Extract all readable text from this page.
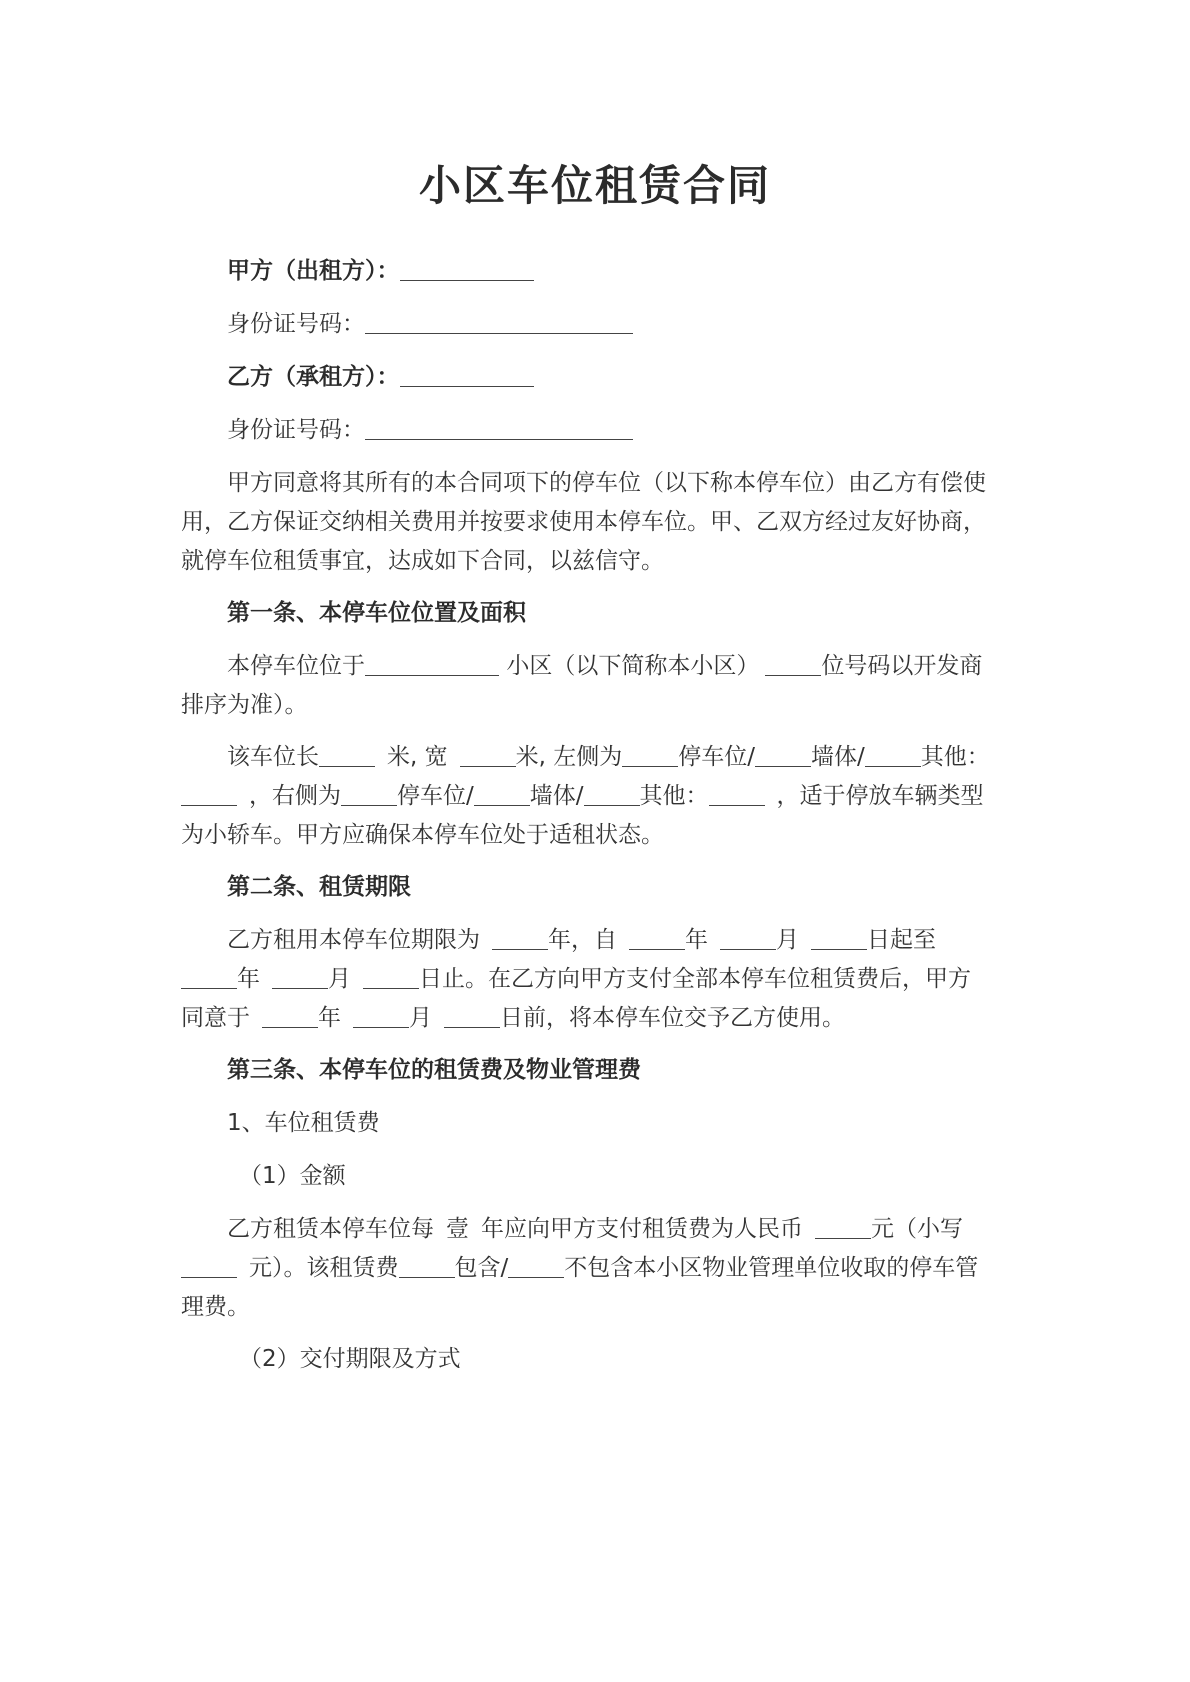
小区车位租赁合同
甲方（出租方）：
身份证号码：
乙方（承租方）：
身份证号码：
甲方同意将其所有的本合同项下的停车位（以下称本停车位）由乙方有偿使
用，乙方保证交纳相关费用并按要求使用本停车位。甲、乙双方经过友好协商，
就停车位租赁事宜，达成如下合同，以兹信守。
第一条、本停车位位置及面积
本停车位位于	小区（以下简称本小区）	位号码以开发商
排序为准）。
该车位长	米, 宽	米, 左侧为 停车位/ 墙体/ 其他：
，右侧为 停车位/ 墙体/ 其他：	，适于停放车辆类型
为小轿车。甲方应确保本停车位处于适租状态。
第二条、租赁期限
乙方租用本停车位期限为	年，自	年	月	日起至
年	月	日止。在乙方向甲方支付全部本停车位租赁费后，甲方
同意于	年	月	日前，将本停车位交予乙方使用。
第三条、本停车位的租赁费及物业管理费
1、车位租赁费
（1）金额
乙方租赁本停车位每 壹 年应向甲方支付租赁费为人民币	元（小写
元）。该租赁费 包含/ 不包含本小区物业管理单位收取的停车管
理费。
（2）交付期限及方式
